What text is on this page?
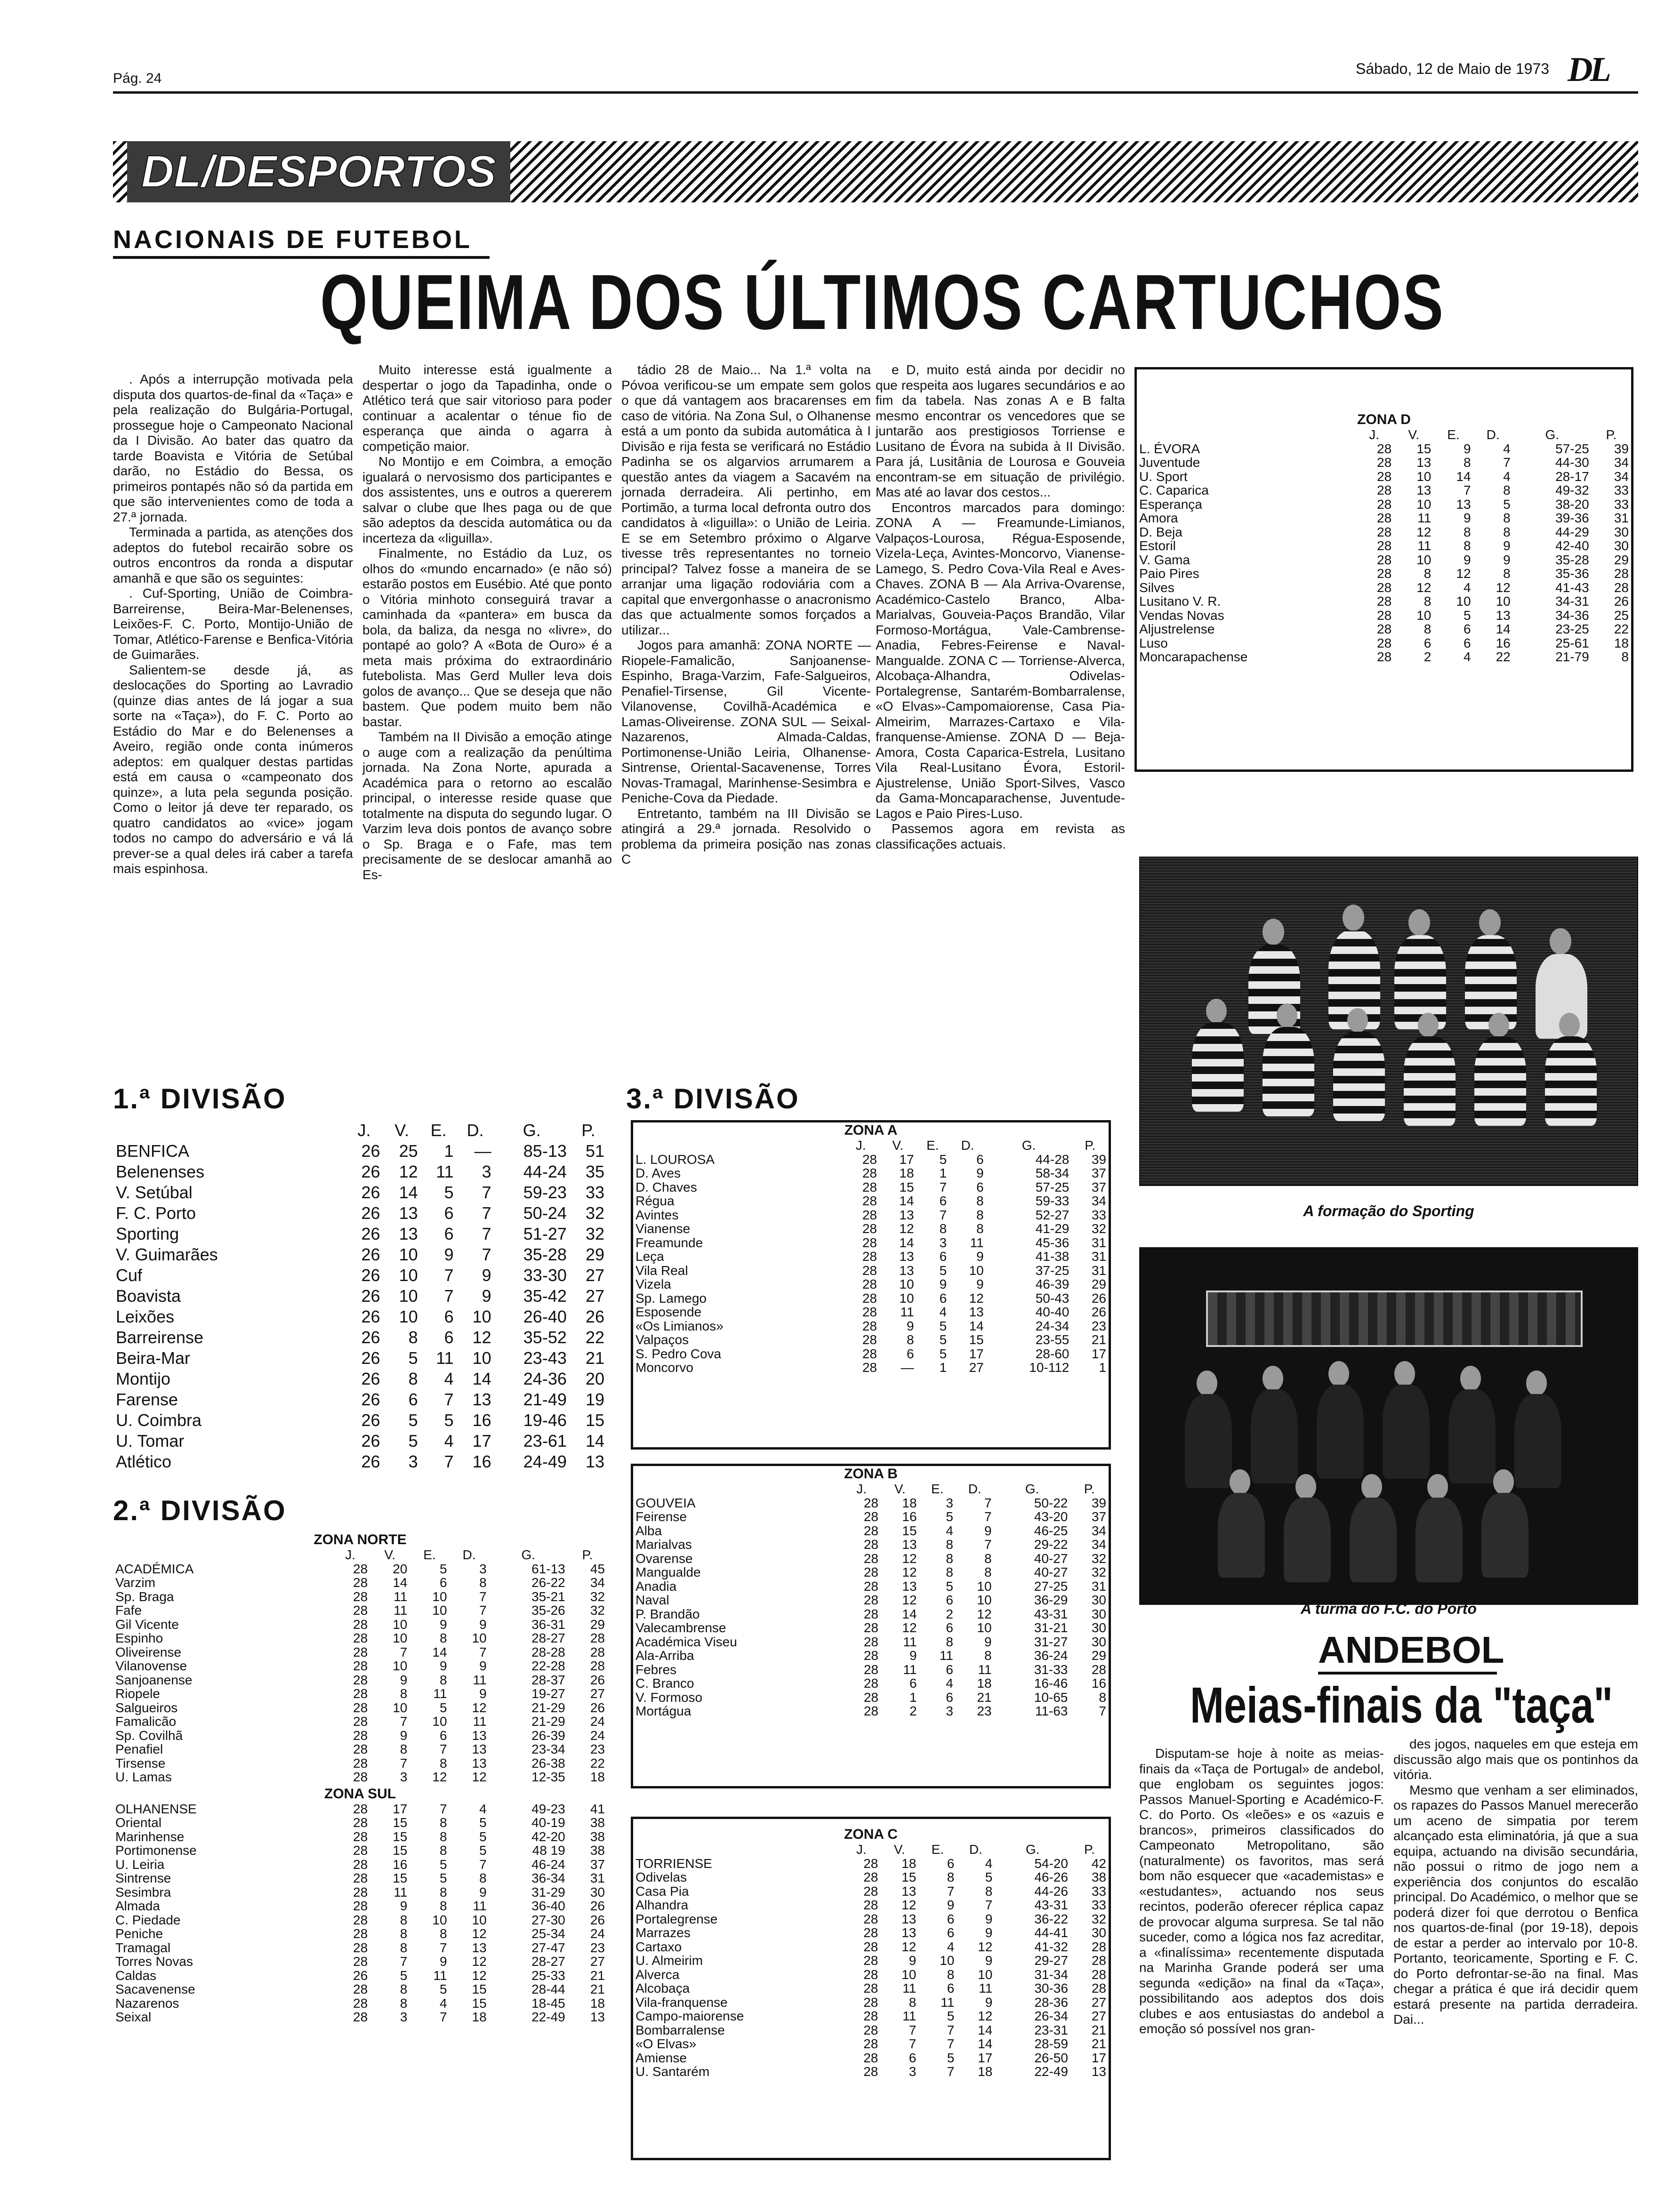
Pág. 24
Sábado, 12 de Maio de 1973 DL
DL/DESPORTOS
NACIONAIS DE FUTEBOL
QUEIMA DOS ÚLTIMOS CARTUCHOS

. Após a interrupção motivada pela disputa dos quartos-de-final da «Taça» e pela realização do Bulgária-Portugal, prossegue hoje o Campeonato Nacional da I Divisão. Ao bater das quatro da tarde Boavista e Vitória de Setúbal darão, no Estádio do Bessa, os primeiros pontapés não só da partida em que são intervenientes como de toda a 27.ª jornada.

Terminada a partida, as atenções dos adeptos do futebol recairão sobre os outros encontros da ronda a disputar amanhã e que são os seguintes:

. Cuf-Sporting, União de Coimbra-Barreirense, Beira-Mar-Belenenses, Leixões-F. C. Porto, Montijo-União de Tomar, Atlético-Farense e Benfica-Vitória de Guimarães.

Salientem-se desde já, as deslocações do Sporting ao Lavradio (quinze dias antes de lá jogar a sua sorte na «Taça»), do F. C. Porto ao Estádio do Mar e do Belenenses a Aveiro, região onde conta inúmeros adeptos: em qualquer destas partidas está em causa o «campeonato dos quinze», a luta pela segunda posição. Como o leitor já deve ter reparado, os quatro candidatos ao «vice» jogam todos no campo do adversário e vá lá prever-se a qual deles irá caber a tarefa mais espinhosa.

Muito interesse está igualmente a despertar o jogo da Tapadinha, onde o Atlético terá que sair vitorioso para poder continuar a acalentar o ténue fio de esperança que ainda o agarra à competição maior.

No Montijo e em Coimbra, a emoção igualará o nervosismo dos participantes e dos assistentes, uns e outros a quererem salvar o clube que lhes paga ou de que são adeptos da descida automática ou da incerteza da «liguilla».

Finalmente, no Estádio da Luz, os olhos do «mundo encarnado» (e não só) estarão postos em Eusébio. Até que ponto o Vitória minhoto conseguirá travar a caminhada da «pantera» em busca da bola, da baliza, da nesga no «livre», do pontapé ao golo? A «Bota de Ouro» é a meta mais próxima do extraordinário futebolista. Mas Gerd Muller leva dois golos de avanço... Que se deseja que não bastem. Que podem muito bem não bastar.

Também na II Divisão a emoção atinge o auge com a realização da penúltima jornada. Na Zona Norte, apurada a Académica para o retorno ao escalão principal, o interesse reside quase que totalmente na disputa do segundo lugar. O Varzim leva dois pontos de avanço sobre o Sp. Braga e o Fafe, mas tem precisamente de se deslocar amanhã ao Es-

tádio 28 de Maio... Na 1.ª volta na Póvoa verificou-se um empate sem golos o que dá vantagem aos bracarenses em caso de vitória. Na Zona Sul, o Olhanense está a um ponto da subida automática à I Divisão e rija festa se verificará no Estádio Padinha se os algarvios arrumarem a questão antes da viagem a Sacavém na jornada derradeira. Ali pertinho, em Portimão, a turma local defronta outro dos candidatos à «liguilla»: o União de Leiria. E se em Setembro próximo o Algarve tivesse três representantes no torneio principal? Talvez fosse a maneira de se arranjar uma ligação rodoviária com a capital que envergonhasse o anacronismo das que actualmente somos forçados a utilizar...

Jogos para amanhã: ZONA NORTE — Riopele-Famalicão, Sanjoanense-Espinho, Braga-Varzim, Fafe-Salgueiros, Penafiel-Tirsense, Gil Vicente-Vilanovense, Covilhã-Académica e Lamas-Oliveirense. ZONA SUL — Seixal-Nazarenos, Almada-Caldas, Portimonense-União Leiria, Olhanense-Sintrense, Oriental-Sacavenense, Torres Novas-Tramagal, Marinhense-Sesimbra e Peniche-Cova da Piedade.

Entretanto, também na III Divisão se atingirá a 29.ª jornada. Resolvido o problema da primeira posição nas zonas C

e D, muito está ainda por decidir no que respeita aos lugares secundários e ao fim da tabela. Nas zonas A e B falta mesmo encontrar os vencedores que se juntarão aos prestigiosos Torriense e Lusitano de Évora na subida à II Divisão. Para já, Lusitânia de Lourosa e Gouveia encontram-se em situação de privilégio. Mas até ao lavar dos cestos...

Encontros marcados para domingo: ZONA A — Freamunde-Limianos, Valpaços-Lourosa, Régua-Esposende, Vizela-Leça, Avintes-Moncorvo, Vianense-Lamego, S. Pedro Cova-Vila Real e Aves-Chaves. ZONA B — Ala Arriva-Ovarense, Académico-Castelo Branco, Alba-Marialvas, Gouveia-Paços Brandão, Vilar Formoso-Mortágua, Vale-Cambrense-Anadia, Febres-Feirense e Naval-Mangualde. ZONA C — Torriense-Alverca, Alcobaça-Alhandra, Odivelas-Portalegrense, Santarém-Bombarralense, «O Elvas»-Campomaiorense, Casa Pia-Almeirim, Marrazes-Cartaxo e Vila-franquense-Amiense. ZONA D — Beja-Amora, Costa Caparica-Estrela, Lusitano Vila Real-Lusitano Évora, Estoril-Ajustrelense, União Sport-Silves, Vasco da Gama-Moncaparachense, Juventude-Lagos e Paio Pires-Luso.

Passemos agora em revista as classificações actuais.

1.ª DIVISÃO
	J.	V.	E.	D.	G.	P.
BENFICA	26	25	1	—	85-13	51
Belenenses	26	12	11	3	44-24	35
V. Setúbal	26	14	5	7	59-23	33
F. C. Porto	26	13	6	7	50-24	32
Sporting	26	13	6	7	51-27	32
V. Guimarães	26	10	9	7	35-28	29
Cuf	26	10	7	9	33-30	27
Boavista	26	10	7	9	35-42	27
Leixões	26	10	6	10	26-40	26
Barreirense	26	8	6	12	35-52	22
Beira-Mar	26	5	11	10	23-43	21
Montijo	26	8	4	14	24-36	20
Farense	26	6	7	13	21-49	19
U. Coimbra	26	5	5	16	19-46	15
U. Tomar	26	5	4	17	23-61	14
Atlético	26	3	7	16	24-49	13
2.ª DIVISÃO
ZONA NORTE
	J.	V.	E.	D.	G.	P.
ACADÉMICA	28	20	5	3	61-13	45
Varzim	28	14	6	8	26-22	34
Sp. Braga	28	11	10	7	35-21	32
Fafe	28	11	10	7	35-26	32
Gil Vicente	28	10	9	9	36-31	29
Espinho	28	10	8	10	28-27	28
Oliveirense	28	7	14	7	28-28	28
Vilanovense	28	10	9	9	22-28	28
Sanjoanense	28	9	8	11	28-37	26
Riopele	28	8	11	9	19-27	27
Salgueiros	28	10	5	12	21-29	26
Famalicão	28	7	10	11	21-29	24
Sp. Covilhã	28	9	6	13	26-39	24
Penafiel	28	8	7	13	23-34	23
Tirsense	28	7	8	13	26-38	22
U. Lamas	28	3	12	12	12-35	18
ZONA SUL
OLHANENSE	28	17	7	4	49-23	41
Oriental	28	15	8	5	40-19	38
Marinhense	28	15	8	5	42-20	38
Portimonense	28	15	8	5	48 19	38
U. Leiria	28	16	5	7	46-24	37
Sintrense	28	15	5	8	36-34	31
Sesimbra	28	11	8	9	31-29	30
Almada	28	9	8	11	36-40	26
C. Piedade	28	8	10	10	27-30	26
Peniche	28	8	8	12	25-34	24
Tramagal	28	8	7	13	27-47	23
Torres Novas	28	7	9	12	28-27	27
Caldas	26	5	11	12	25-33	21
Sacavenense	28	8	5	15	28-44	21
Nazarenos	28	8	4	15	18-45	18
Seixal	28	3	7	18	22-49	13
3.ª DIVISÃO
ZONA A
	J.	V.	E.	D.	G.	P.
L. LOUROSA	28	17	5	6	44-28	39
D. Aves	28	18	1	9	58-34	37
D. Chaves	28	15	7	6	57-25	37
Régua	28	14	6	8	59-33	34
Avintes	28	13	7	8	52-27	33
Vianense	28	12	8	8	41-29	32
Freamunde	28	14	3	11	45-36	31
Leça	28	13	6	9	41-38	31
Vila Real	28	13	5	10	37-25	31
Vizela	28	10	9	9	46-39	29
Sp. Lamego	28	10	6	12	50-43	26
Esposende	28	11	4	13	40-40	26
«Os Limianos»	28	9	5	14	24-34	23
Valpaços	28	8	5	15	23-55	21
S. Pedro Cova	28	6	5	17	28-60	17
Moncorvo	28	—	1	27	10-112	1
ZONA B
	J.	V.	E.	D.	G.	P.
GOUVEIA	28	18	3	7	50-22	39
Feirense	28	16	5	7	43-20	37
Alba	28	15	4	9	46-25	34
Marialvas	28	13	8	7	29-22	34
Ovarense	28	12	8	8	40-27	32
Mangualde	28	12	8	8	40-27	32
Anadia	28	13	5	10	27-25	31
Naval	28	12	6	10	36-29	30
P. Brandão	28	14	2	12	43-31	30
Valecambrense	28	12	6	10	31-21	30
Académica Viseu	28	11	8	9	31-27	30
Ala-Arriba	28	9	11	8	36-24	29
Febres	28	11	6	11	31-33	28
C. Branco	28	6	4	18	16-46	16
V. Formoso	28	1	6	21	10-65	8
Mortágua	28	2	3	23	11-63	7
ZONA C
	J.	V.	E.	D.	G.	P.
TORRIENSE	28	18	6	4	54-20	42
Odivelas	28	15	8	5	46-26	38
Casa Pia	28	13	7	8	44-26	33
Alhandra	28	12	9	7	43-31	33
Portalegrense	28	13	6	9	36-22	32
Marrazes	28	13	6	9	44-41	30
Cartaxo	28	12	4	12	41-32	28
U. Almeirim	28	9	10	9	29-27	28
Alverca	28	10	8	10	31-34	28
Alcobaça	28	11	6	11	30-36	28
Vila-franquense	28	8	11	9	28-36	27
Campo-maiorense	28	11	5	12	26-34	27
Bombarralense	28	7	7	14	23-31	21
«O Elvas»	28	7	7	14	28-59	21
Amiense	28	6	5	17	26-50	17
U. Santarém	28	3	7	18	22-49	13
ZONA D
	J.	V.	E.	D.	G.	P.
L. ÉVORA	28	15	9	4	57-25	39
Juventude	28	13	8	7	44-30	34
U. Sport	28	10	14	4	28-17	34
C. Caparica	28	13	7	8	49-32	33
Esperança	28	10	13	5	38-20	33
Amora	28	11	9	8	39-36	31
D. Beja	28	12	8	8	44-29	30
Estoril	28	11	8	9	42-40	30
V. Gama	28	10	9	9	35-28	29
Paio Pires	28	8	12	8	35-36	28
Silves	28	12	4	12	41-43	28
Lusitano V. R.	28	8	10	10	34-31	26
Vendas Novas	28	10	5	13	34-36	25
Aljustrelense	28	8	6	14	23-25	22
Luso	28	6	6	16	25-61	18
Moncarapachense	28	2	4	22	21-79	8
A formação do Sporting
A turma do F.C. do Porto
ANDEBOL
Meias-finais da "taça"

Disputam-se hoje à noite as meias-finais da «Taça de Portugal» de andebol, que englobam os seguintes jogos: Passos Manuel-Sporting e Académico-F. C. do Porto. Os «leões» e os «azuis e brancos», primeiros classificados do Campeonato Metropolitano, são (naturalmente) os favoritos, mas será bom não esquecer que «academistas» e «estudantes», actuando nos seus recintos, poderão oferecer réplica capaz de provocar alguma surpresa. Se tal não suceder, como a lógica nos faz acreditar, a «finalíssima» recentemente disputada na Marinha Grande poderá ser uma segunda «edição» na final da «Taça», possibilitando aos adeptos dos dois clubes e aos entusiastas do andebol a emoção só possível nos gran-

des jogos, naqueles em que esteja em discussão algo mais que os pontinhos da vitória.

Mesmo que venham a ser eliminados, os rapazes do Passos Manuel merecerão um aceno de simpatia por terem alcançado esta eliminatória, já que a sua equipa, actuando na divisão secundária, não possui o ritmo de jogo nem a experiência dos conjuntos do escalão principal. Do Académico, o melhor que se poderá dizer foi que derrotou o Benfica nos quartos-de-final (por 19-18), depois de estar a perder ao intervalo por 10-8. Portanto, teoricamente, Sporting e F. C. do Porto defrontar-se-ão na final. Mas chegar a prática é que irá decidir quem estará presente na partida derradeira. Dai...
